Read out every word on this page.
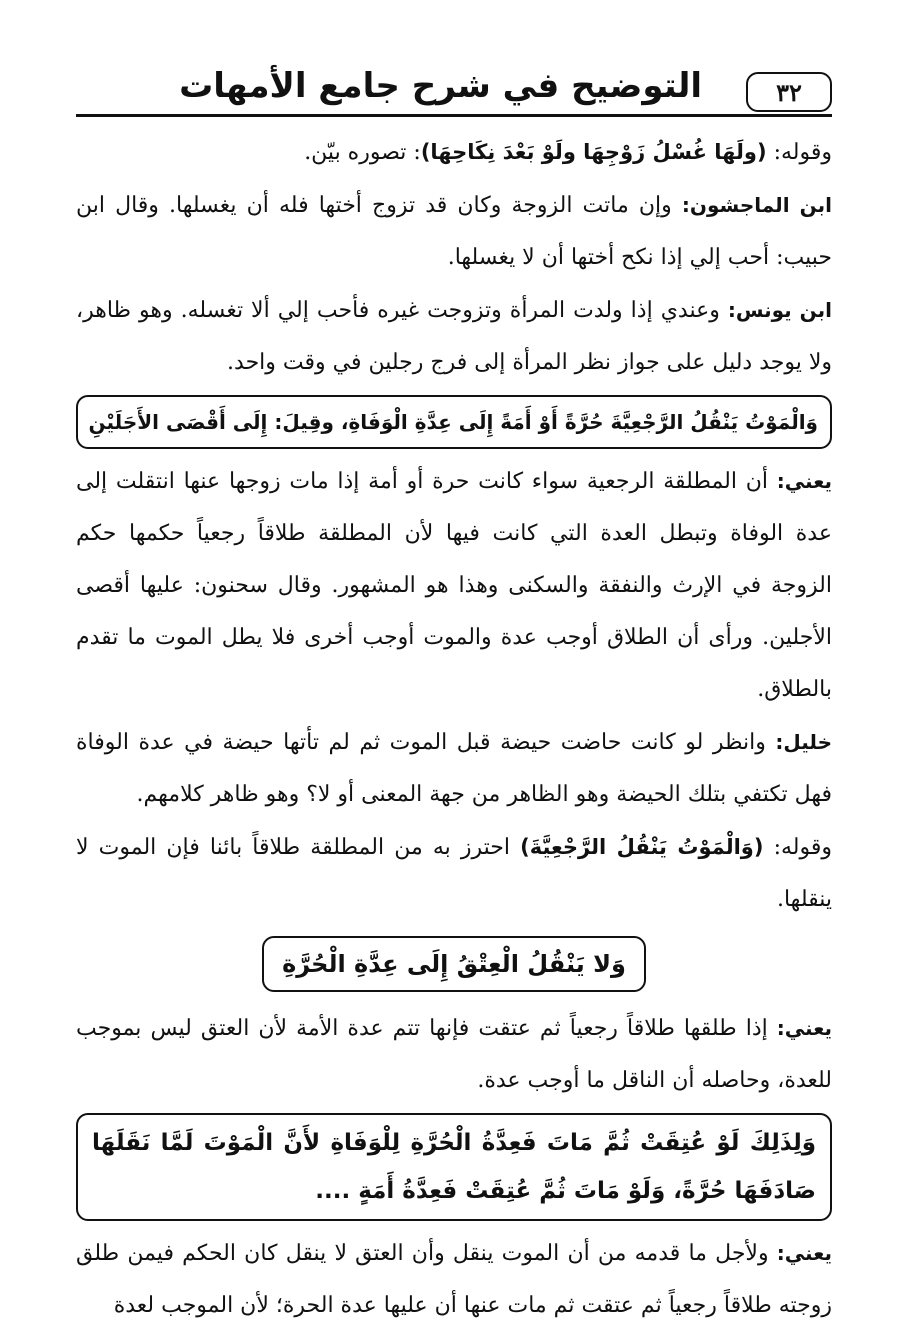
٣٢
التوضيح في شرح جامع الأمهات

وقوله: (ولَهَا غُسْلُ زَوْجِهَا ولَوْ بَعْدَ نِكَاحِهَا): تصوره بيّن.

ابن الماجشون: وإن ماتت الزوجة وكان قد تزوج أختها فله أن يغسلها. وقال ابن حبيب: أحب إلي إذا نكح أختها أن لا يغسلها.

ابن يونس: وعندي إذا ولدت المرأة وتزوجت غيره فأحب إلي ألا تغسله. وهو ظاهر، ولا يوجد دليل على جواز نظر المرأة إلى فرج رجلين في وقت واحد.

وَالْمَوْتُ يَنْقُلُ الرَّجْعِيَّةَ حُرَّةً أَوْ أَمَةً إِلَى عِدَّةِ الْوَفَاةِ، وقِيلَ: إِلَى أَقْصَى الأَجَلَيْنِ

يعني: أن المطلقة الرجعية سواء كانت حرة أو أمة إذا مات زوجها عنها انتقلت إلى عدة الوفاة وتبطل العدة التي كانت فيها لأن المطلقة طلاقاً رجعياً حكمها حكم الزوجة في الإرث والنفقة والسكنى وهذا هو المشهور. وقال سحنون: عليها أقصى الأجلين. ورأى أن الطلاق أوجب عدة والموت أوجب أخرى فلا يطل الموت ما تقدم بالطلاق.

خليل: وانظر لو كانت حاضت حيضة قبل الموت ثم لم تأتها حيضة في عدة الوفاة فهل تكتفي بتلك الحيضة وهو الظاهر من جهة المعنى أو لا؟ وهو ظاهر كلامهم.

وقوله: (وَالْمَوْتُ يَنْقُلُ الرَّجْعِيَّةَ) احترز به من المطلقة طلاقاً بائنا فإن الموت لا ينقلها.

وَلا يَنْقُلُ الْعِتْقُ إِلَى عِدَّةِ الْحُرَّةِ

يعني: إذا طلقها طلاقاً رجعياً ثم عتقت فإنها تتم عدة الأمة لأن العتق ليس بموجب للعدة، وحاصله أن الناقل ما أوجب عدة.

وَلِذَلِكَ لَوْ عُتِقَتْ ثُمَّ مَاتَ فَعِدَّةُ الْحُرَّةِ لِلْوَفَاةِ لأَنَّ الْمَوْتَ لَمَّا نَقَلَهَا صَادَفَهَا حُرَّةً، وَلَوْ مَاتَ ثُمَّ عُتِقَتْ فَعِدَّةُ أَمَةٍ ....

يعني: ولأجل ما قدمه من أن الموت ينقل وأن العتق لا ينقل كان الحكم فيمن طلق زوجته طلاقاً رجعياً ثم عتقت ثم مات عنها أن عليها عدة الحرة؛ لأن الموجب لعدة
